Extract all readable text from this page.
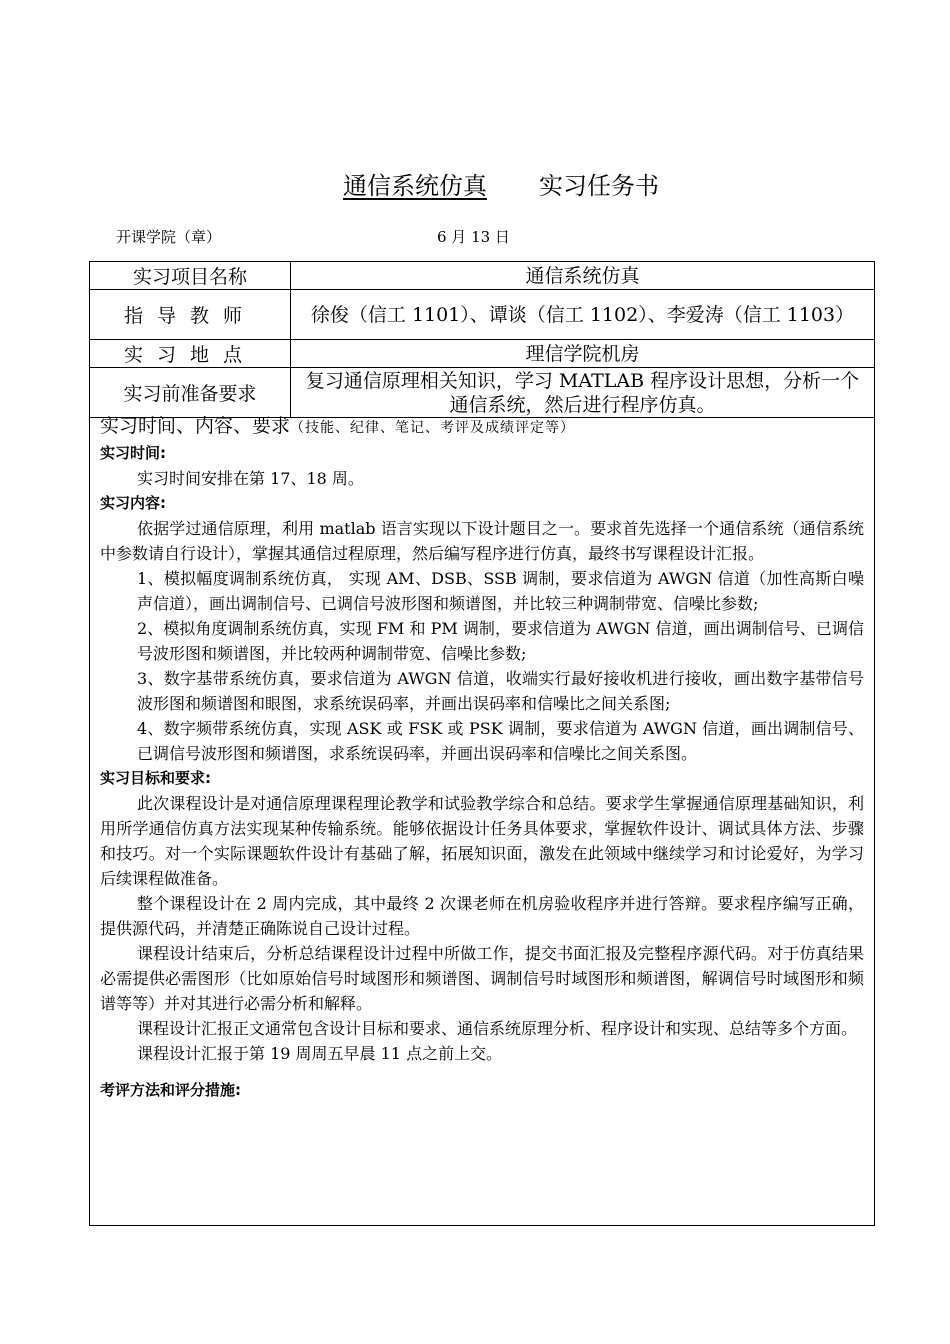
通信系统仿真 实习任务书
开课学院（章）	6 月 13 日
实习项目名称	通信系统仿真
指导教师	徐俊（信工 1101）、谭谈（信工 1102）、李爱涛（信工 1103）
实习地点	理信学院机房
实习前准备要求	复习通信原理相关知识，学习 MATLAB 程序设计思想，分析一个通信系统，然后进行程序仿真。
实习时间、内容、要求（技能、纪律、笔记、考评及成绩评定等）
实习时间:
实习时间安排在第 17、18 周。
实习内容:
依据学过通信原理，利用 matlab 语言实现以下设计题目之一。要求首先选择一个通信系统（通信系统中参数请自行设计），掌握其通信过程原理，然后编写程序进行仿真，最终书写课程设计汇报。
1、模拟幅度调制系统仿真， 实现 AM、DSB、SSB 调制，要求信道为 AWGN 信道（加性高斯白噪声信道），画出调制信号、已调信号波形图和频谱图，并比较三种调制带宽、信噪比参数;
2、模拟角度调制系统仿真，实现 FM 和 PM 调制，要求信道为 AWGN 信道，画出调制信号、已调信号波形图和频谱图，并比较两种调制带宽、信噪比参数;
3、数字基带系统仿真，要求信道为 AWGN 信道，收端实行最好接收机进行接收，画出数字基带信号波形图和频谱图和眼图，求系统误码率，并画出误码率和信噪比之间关系图;
4、数字频带系统仿真，实现 ASK 或 FSK 或 PSK 调制，要求信道为 AWGN 信道，画出调制信号、已调信号波形图和频谱图，求系统误码率，并画出误码率和信噪比之间关系图。
实习目标和要求:
此次课程设计是对通信原理课程理论教学和试验教学综合和总结。要求学生掌握通信原理基础知识，利用所学通信仿真方法实现某种传输系统。能够依据设计任务具体要求，掌握软件设计、调试具体方法、步骤和技巧。对一个实际课题软件设计有基础了解，拓展知识面，激发在此领域中继续学习和讨论爱好，为学习后续课程做准备。
整个课程设计在 2 周内完成，其中最终 2 次课老师在机房验收程序并进行答辩。要求程序编写正确，提供源代码，并清楚正确陈说自己设计过程。
课程设计结束后，分析总结课程设计过程中所做工作，提交书面汇报及完整程序源代码。对于仿真结果必需提供必需图形（比如原始信号时域图形和频谱图、调制信号时域图形和频谱图，解调信号时域图形和频谱等等）并对其进行必需分析和解释。
课程设计汇报正文通常包含设计目标和要求、通信系统原理分析、程序设计和实现、总结等多个方面。
课程设计汇报于第 19 周周五早晨 11 点之前上交。
考评方法和评分措施:
